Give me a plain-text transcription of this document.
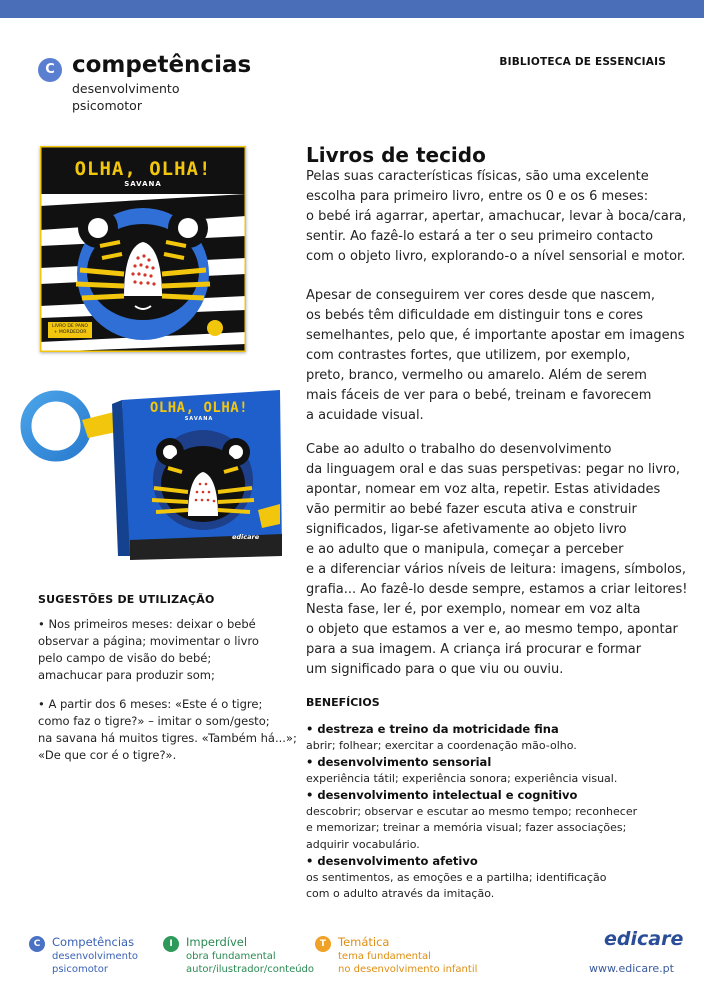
C competências
desenvolvimento
psicomotor
BIBLIOTECA DE ESSENCIAIS
OLHA, OLHA!
SAVANA
LIVRO DE PANO
+ MORDEDOR
edicare
OLHA, OLHA!
SAVANA
edicare
Livros de tecido
Pelas suas características físicas, são uma excelente
escolha para primeiro livro, entre os 0 e os 6 meses:
o bebé irá agarrar, apertar, amachucar, levar à boca/cara,
sentir. Ao fazê-lo estará a ter o seu primeiro contacto
com o objeto livro, explorando-o a nível sensorial e motor.
Apesar de conseguirem ver cores desde que nascem,
os bebés têm dificuldade em distinguir tons e cores
semelhantes, pelo que, é importante apostar em imagens
com contrastes fortes, que utilizem, por exemplo,
preto, branco, vermelho ou amarelo. Além de serem
mais fáceis de ver para o bebé, treinam e favorecem
a acuidade visual.
Cabe ao adulto o trabalho do desenvolvimento
da linguagem oral e das suas perspetivas: pegar no livro,
apontar, nomear em voz alta, repetir. Estas atividades
vão permitir ao bebé fazer escuta ativa e construir
significados, ligar-se afetivamente ao objeto livro
e ao adulto que o manipula, começar a perceber
e a diferenciar vários níveis de leitura: imagens, símbolos,
grafia... Ao fazê-lo desde sempre, estamos a criar leitores!
Nesta fase, ler é, por exemplo, nomear em voz alta
o objeto que estamos a ver e, ao mesmo tempo, apontar
para a sua imagem. A criança irá procurar e formar
um significado para o que viu ou ouviu.
BENEFÍCIOS
• destreza e treino da motricidade fina
abrir; folhear; exercitar a coordenação mão-olho.
• desenvolvimento sensorial
experiência tátil; experiência sonora; experiência visual.
• desenvolvimento intelectual e cognitivo
descobrir; observar e escutar ao mesmo tempo; reconhecer
e memorizar; treinar a memória visual; fazer associações;
adquirir vocabulário.
• desenvolvimento afetivo
os sentimentos, as emoções e a partilha; identificação
com o adulto através da imitação.
SUGESTÕES DE UTILIZAÇÃO
• Nos primeiros meses: deixar o bebé
observar a página; movimentar o livro
pelo campo de visão do bebé;
amachucar para produzir som;
• A partir dos 6 meses: «Este é o tigre;
como faz o tigre?» – imitar o som/gesto;
na savana há muitos tigres. «Também há...»;
«De que cor é o tigre?».
C	Competências
desenvolvimento
psicomotor
I	Imperdível
obra fundamental
autor/ilustrador/conteúdo
T	Temática
tema fundamental
no desenvolvimento infantil
edicare
www.edicare.pt
